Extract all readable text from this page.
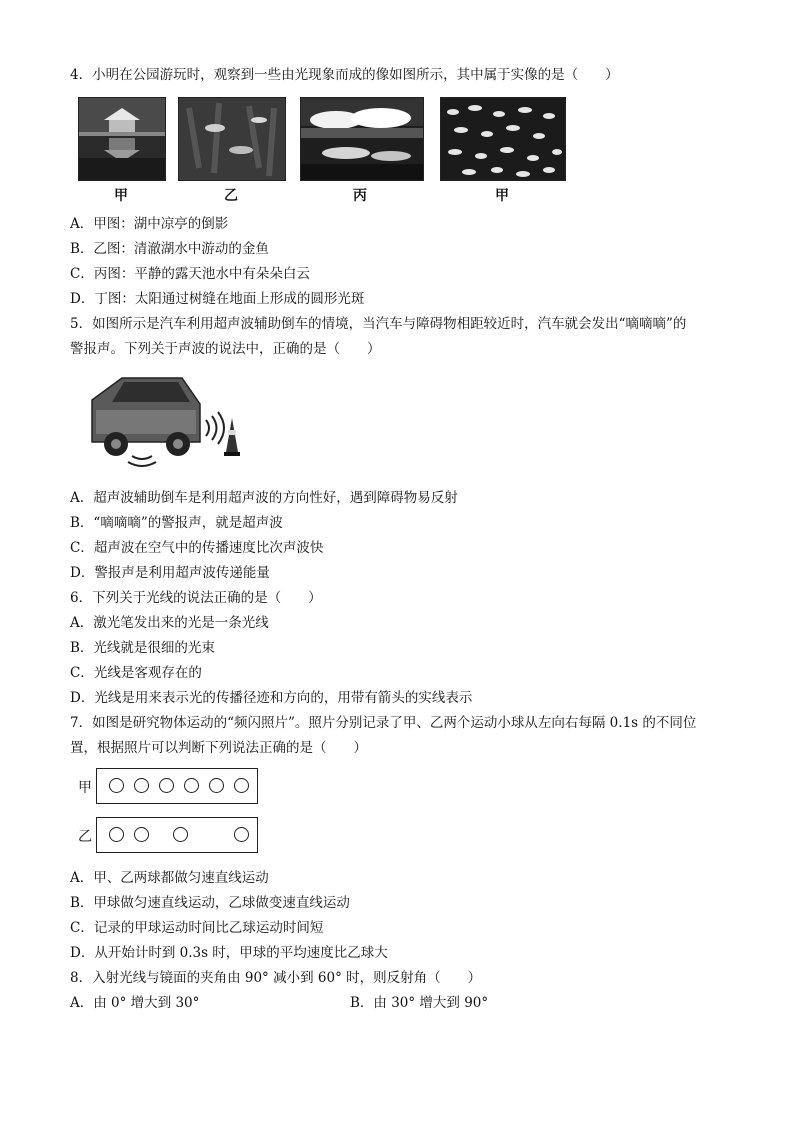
4．小明在公园游玩时，观察到一些由光现象而成的像如图所示，其中属于实像的是（　　）
甲	乙	丙	甲
A．甲图：湖中凉亭的倒影
B．乙图：清澈湖水中游动的金鱼
C．丙图：平静的露天池水中有朵朵白云
D．丁图：太阳通过树缝在地面上形成的圆形光斑
5．如图所示是汽车利用超声波辅助倒车的情境，当汽车与障碍物相距较近时，汽车就会发出“嘀嘀嘀”的
警报声。下列关于声波的说法中，正确的是（　　）
A．超声波辅助倒车是利用超声波的方向性好，遇到障碍物易反射
B．“嘀嘀嘀”的警报声，就是超声波
C．超声波在空气中的传播速度比次声波快
D．警报声是利用超声波传递能量
6．下列关于光线的说法正确的是（　　）
A．激光笔发出来的光是一条光线
B．光线就是很细的光束
C．光线是客观存在的
D．光线是用来表示光的传播径迹和方向的，用带有箭头的实线表示
7．如图是研究物体运动的“频闪照片”。照片分别记录了甲、乙两个运动小球从左向右每隔 0.1s 的不同位
置，根据照片可以判断下列说法正确的是（　　）
甲
乙
A．甲、乙两球都做匀速直线运动
B．甲球做匀速直线运动，乙球做变速直线运动
C．记录的甲球运动时间比乙球运动时间短
D．从开始计时到 0.3s 时，甲球的平均速度比乙球大
8．入射光线与镜面的夹角由 90° 减小到 60° 时，则反射角（　　）
A．由 0° 增大到 30°	B．由 30° 增大到 90°
